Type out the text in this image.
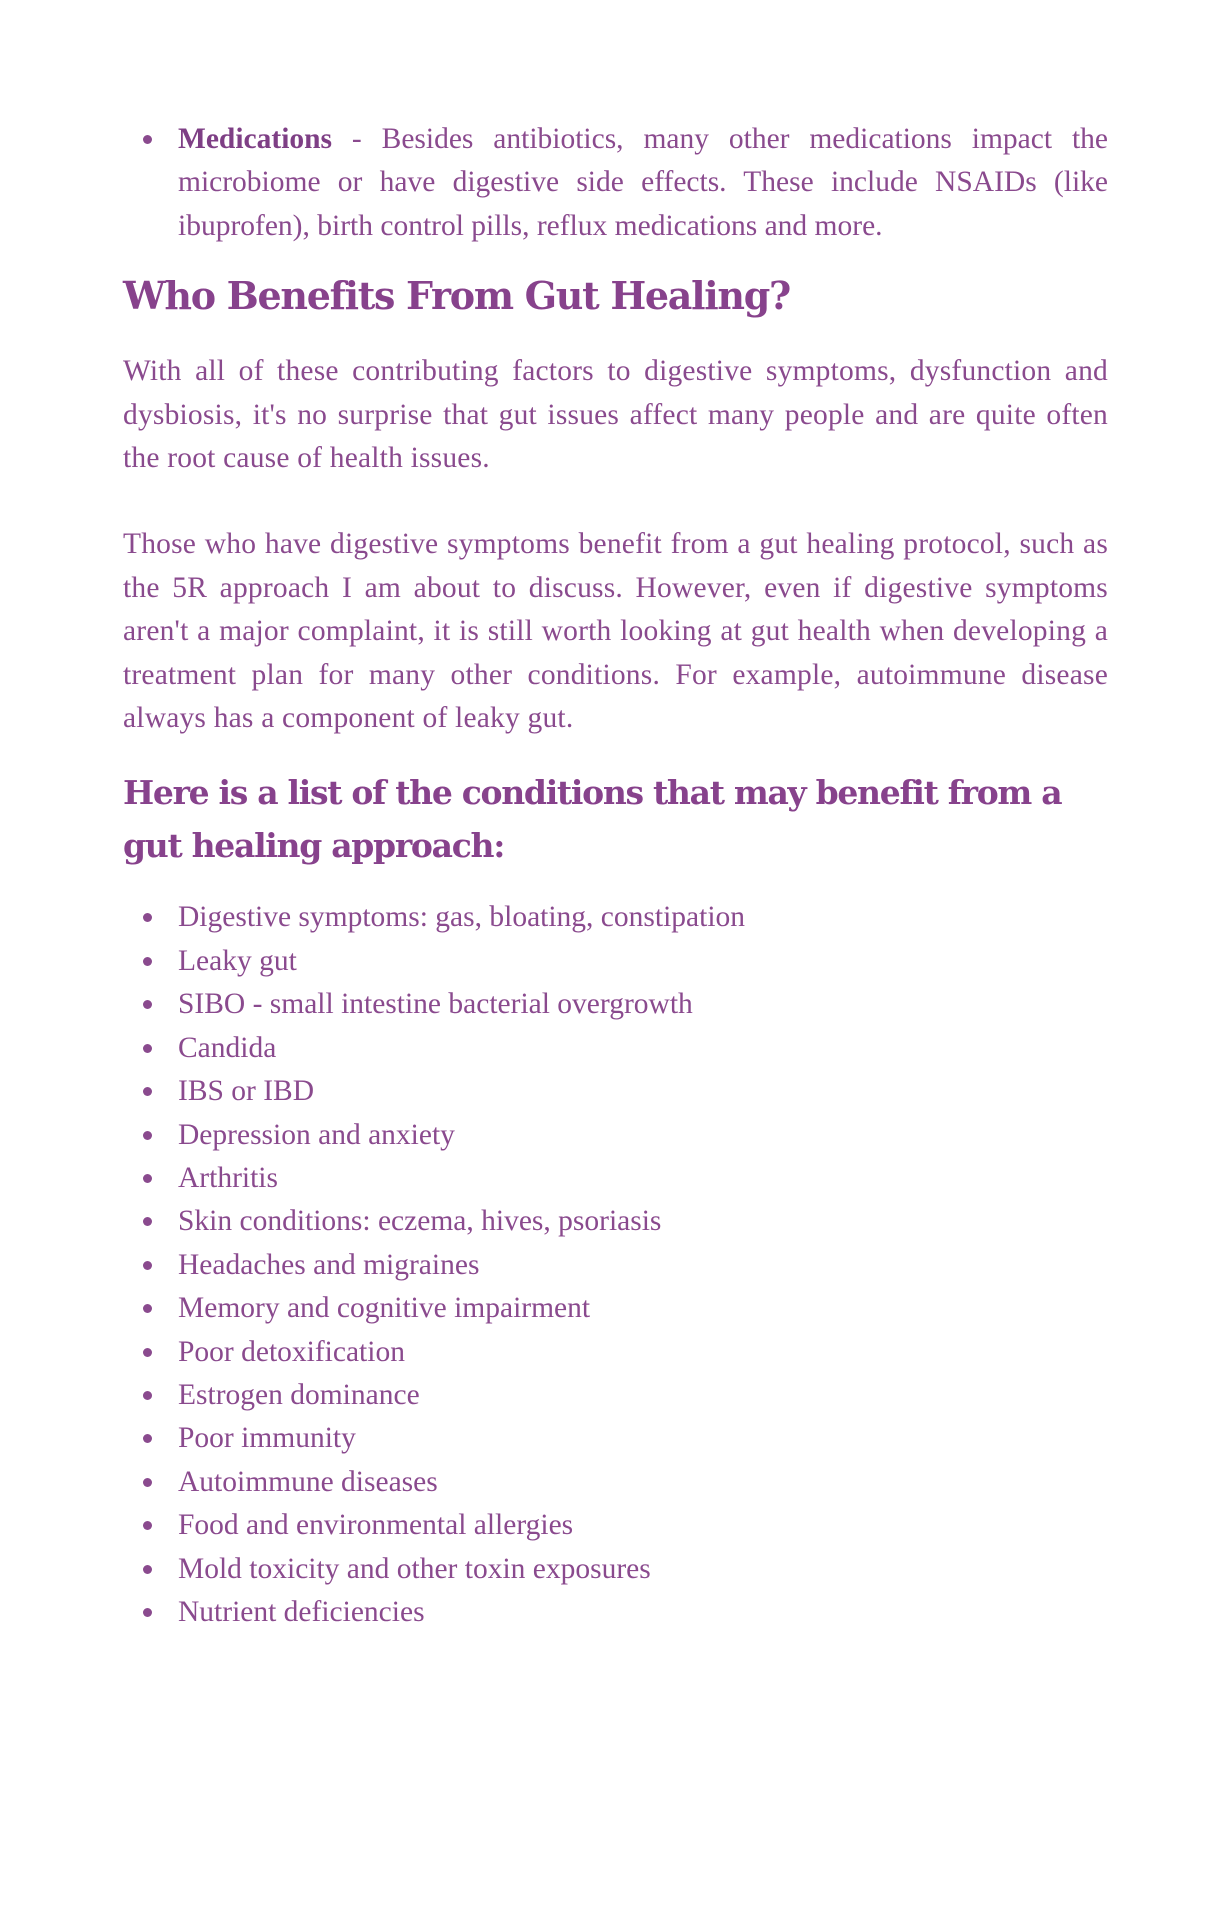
Medications - Besides antibiotics, many other medications impact the microbiome or have digestive side effects. These include NSAIDs (like ibuprofen), birth control pills, reflux medications and more.
Who Benefits From Gut Healing?

With all of these contributing factors to digestive symptoms, dysfunction and dysbiosis, it's no surprise that gut issues affect many people and are quite often the root cause of health issues.

Those who have digestive symptoms benefit from a gut healing protocol, such as the 5R approach I am about to discuss. However, even if digestive symptoms aren't a major complaint, it is still worth looking at gut health when developing a treatment plan for many other conditions. For example, autoimmune disease always has a component of leaky gut.

Here is a list of the conditions that may benefit from a gut healing approach:
Digestive symptoms: gas, bloating, constipation
Leaky gut
SIBO - small intestine bacterial overgrowth
Candida
IBS or IBD
Depression and anxiety
Arthritis
Skin conditions: eczema, hives, psoriasis
Headaches and migraines
Memory and cognitive impairment
Poor detoxification
Estrogen dominance
Poor immunity
Autoimmune diseases
Food and environmental allergies
Mold toxicity and other toxin exposures
Nutrient deficiencies
